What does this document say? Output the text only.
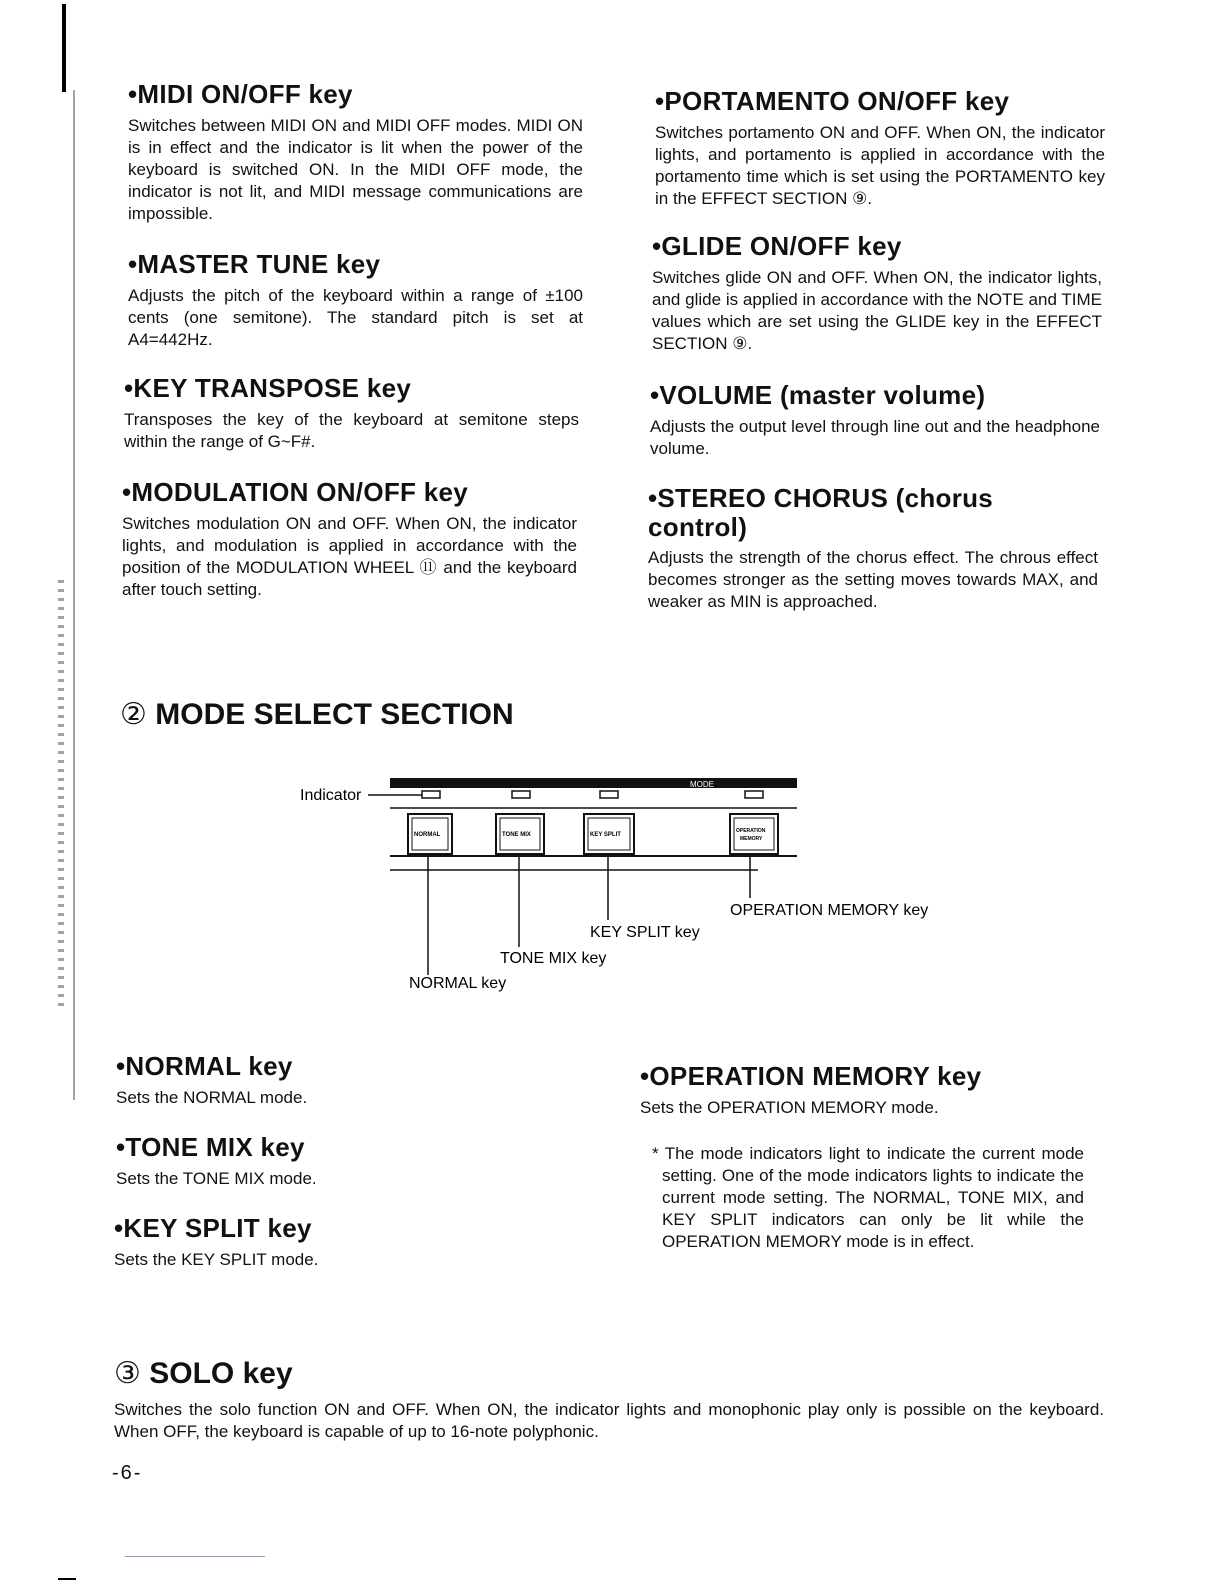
•MIDI ON/OFF key

Switches between MIDI ON and MIDI OFF modes. MIDI ON is in effect and the indicator is lit when the power of the keyboard is switched ON. In the MIDI OFF mode, the indicator is not lit, and MIDI message communications are impossible.

•MASTER TUNE key

Adjusts the pitch of the keyboard within a range of ±100 cents (one semitone). The standard pitch is set at A4=442Hz.

•KEY TRANSPOSE key

Transposes the key of the keyboard at semitone steps within the range of G~F#.

•MODULATION ON/OFF key

Switches modulation ON and OFF. When ON, the indicator lights, and modulation is applied in accordance with the position of the MODULATION WHEEL ⑪ and the keyboard after touch setting.

•PORTAMENTO ON/OFF key

Switches portamento ON and OFF. When ON, the indicator lights, and portamento is applied in accordance with the portamento time which is set using the PORTAMENTO key in the EFFECT SECTION ⑨.

•GLIDE ON/OFF key

Switches glide ON and OFF. When ON, the indicator lights, and glide is applied in accordance with the NOTE and TIME values which are set using the GLIDE key in the EFFECT SECTION ⑨.

•VOLUME (master volume)

Adjusts the output level through line out and the headphone volume.

•STEREO CHORUS (chorus control)

Adjusts the strength of the chorus effect. The chrous effect becomes stronger as the setting moves towards MAX, and weaker as MIN is approached.

② MODE SELECT SECTION
Indicator
MODE
NORMAL	TONE MIX	KEY SPLIT
OPERATION
MEMORY
OPERATION MEMORY key
KEY SPLIT key
TONE MIX key
NORMAL key
•NORMAL key

Sets the NORMAL mode.

•TONE MIX key

Sets the TONE MIX mode.

•KEY SPLIT key

Sets the KEY SPLIT mode.

•OPERATION MEMORY key

Sets the OPERATION MEMORY mode.

* The mode indicators light to indicate the current mode setting. One of the mode indicators lights to indicate the current mode setting. The NORMAL, TONE MIX, and KEY SPLIT indicators can only be lit while the OPERATION MEMORY mode is in effect.

③ SOLO key

Switches the solo function ON and OFF. When ON, the indicator lights and monophonic play only is possible on the keyboard. When OFF, the keyboard is capable of up to 16-note polyphonic.

-6-
